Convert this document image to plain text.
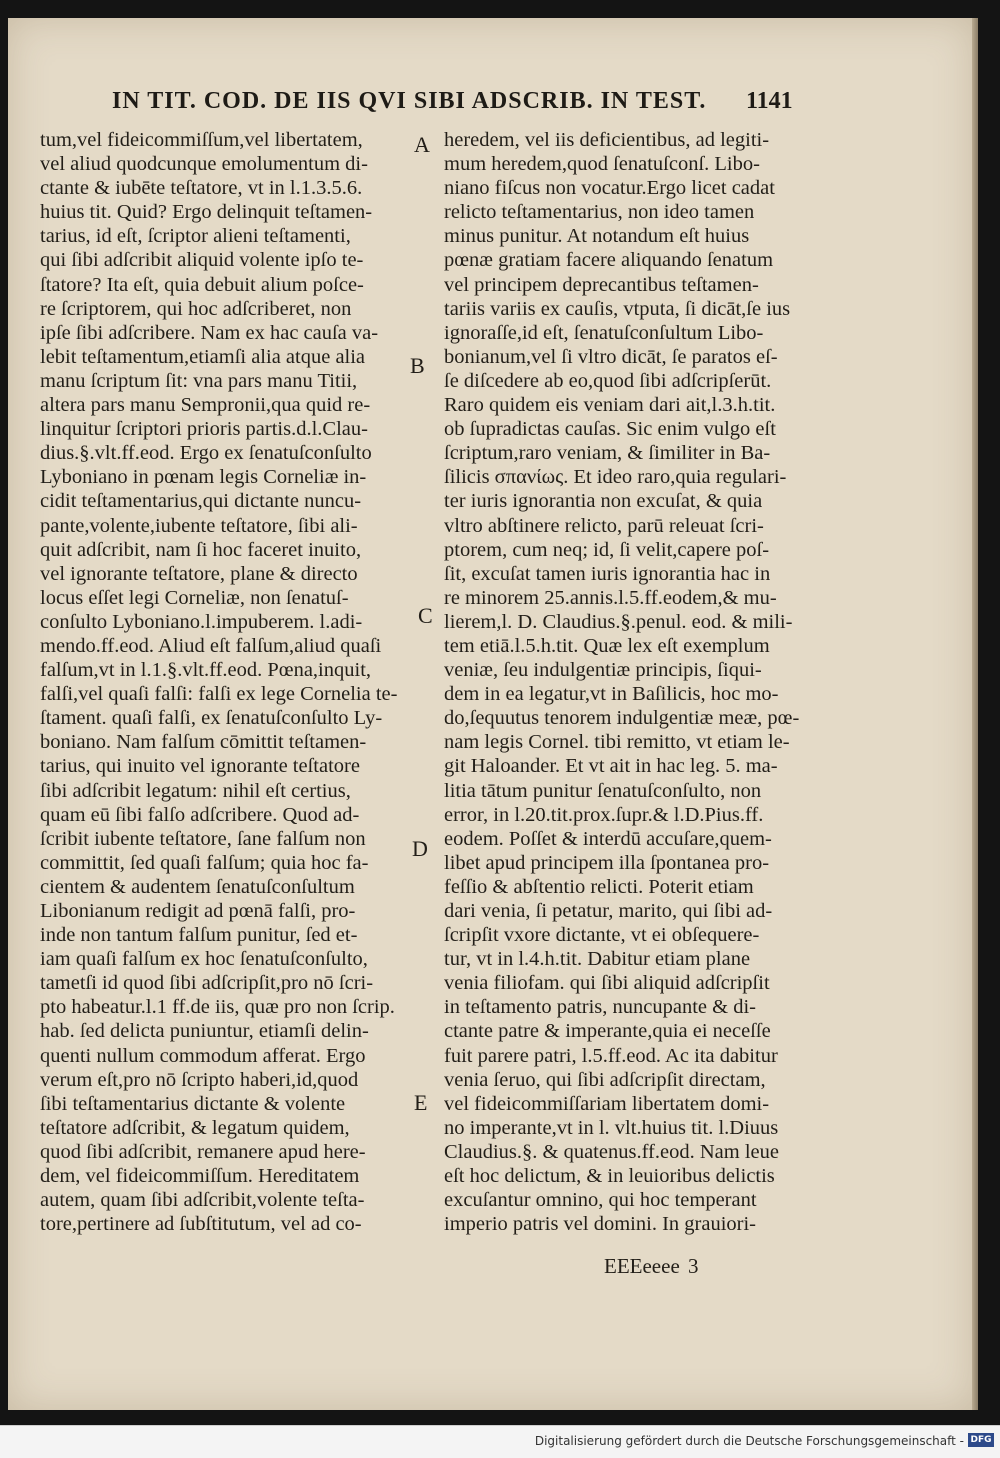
IN TIT. COD. DE IIS QVI SIBI ADSCRIB. IN TEST.	1141
tum,vel fideicommiſſum,vel libertatem,
vel aliud quodcunque emolumentum di-
ctante & iubēte teſtatore, vt in l.1.3.5.6.
huius tit. Quid? Ergo delinquit teſtamen-
tarius, id eſt, ſcriptor alieni teſtamenti,
qui ſibi adſcribit aliquid volente ipſo te-
ſtatore? Ita eſt, quia debuit alium poſce-
re ſcriptorem, qui hoc adſcriberet, non
ipſe ſibi adſcribere. Nam ex hac cauſa va-
lebit teſtamentum,etiamſi alia atque alia
manu ſcriptum ſit: vna pars manu Titii,
altera pars manu Sempronii,qua quid re-
linquitur ſcriptori prioris partis.d.l.Clau-
dius.§.vlt.ff.eod. Ergo ex ſenatuſconſulto
Lyboniano in pœnam legis Corneliæ in-
cidit teſtamentarius,qui dictante nuncu-
pante,volente,iubente teſtatore, ſibi ali-
quit adſcribit, nam ſi hoc faceret inuito,
vel ignorante teſtatore, plane & directo
locus eſſet legi Corneliæ, non ſenatuſ-
conſulto Lyboniano.l.impuberem. l.adi-
mendo.ff.eod. Aliud eſt falſum,aliud quaſi
falſum,vt in l.1.§.vlt.ff.eod. Pœna,inquit,
falſi,vel quaſi falſi: falſi ex lege Cornelia te-
ſtament. quaſi falſi, ex ſenatuſconſulto Ly-
boniano. Nam falſum cōmittit teſtamen-
tarius, qui inuito vel ignorante teſtatore
ſibi adſcribit legatum: nihil eſt certius,
quam eū ſibi falſo adſcribere. Quod ad-
ſcribit iubente teſtatore, ſane falſum non
committit, ſed quaſi falſum; quia hoc fa-
cientem & audentem ſenatuſconſultum
Libonianum redigit ad pœnā falſi, pro-
inde non tantum falſum punitur, ſed et-
iam quaſi falſum ex hoc ſenatuſconſulto,
tametſi id quod ſibi adſcripſit,pro nō ſcri-
pto habeatur.l.1 ff.de iis, quæ pro non ſcrip.
hab. ſed delicta puniuntur, etiamſi delin-
quenti nullum commodum afferat. Ergo
verum eſt,pro nō ſcripto haberi,id,quod
ſibi teſtamentarius dictante & volente
teſtatore adſcribit, & legatum quidem,
quod ſibi adſcribit, remanere apud here-
dem, vel fideicommiſſum. Hereditatem
autem, quam ſibi adſcribit,volente teſta-
tore,pertinere ad ſubſtitutum, vel ad co-
heredem, vel iis deficientibus, ad legiti-
mum heredem,quod ſenatuſconſ. Libo-
niano fiſcus non vocatur.Ergo licet cadat
relicto teſtamentarius, non ideo tamen
minus punitur. At notandum eſt huius
pœnæ gratiam facere aliquando ſenatum
vel principem deprecantibus teſtamen-
tariis variis ex cauſis, vtputa, ſi dicāt,ſe ius
ignoraſſe,id eſt, ſenatuſconſultum Libo-
bonianum,vel ſi vltro dicāt, ſe paratos eſ-
ſe diſcedere ab eo,quod ſibi adſcripſerūt.
Raro quidem eis veniam dari ait,l.3.h.tit.
ob ſupradictas cauſas. Sic enim vulgo eſt
ſcriptum,raro veniam, & ſimiliter in Ba-
ſilicis σπανίως. Et ideo raro,quia regulari-
ter iuris ignorantia non excuſat, & quia
vltro abſtinere relicto, parū releuat ſcri-
ptorem, cum neq; id, ſi velit,capere poſ-
ſit, excuſat tamen iuris ignorantia hac in
re minorem 25.annis.l.5.ff.eodem,& mu-
lierem,l. D. Claudius.§.penul. eod. & mili-
tem etiā.l.5.h.tit. Quæ lex eſt exemplum
veniæ, ſeu indulgentiæ principis, ſiqui-
dem in ea legatur,vt in Baſilicis, hoc mo-
do,ſequutus tenorem indulgentiæ meæ, pœ-
nam legis Cornel. tibi remitto, vt etiam le-
git Haloander. Et vt ait in hac leg. 5. ma-
litia tātum punitur ſenatuſconſulto, non
error, in l.20.tit.prox.ſupr.& l.D.Pius.ff.
eodem. Poſſet & interdū accuſare,quem-
libet apud principem illa ſpontanea pro-
feſſio & abſtentio relicti. Poterit etiam
dari venia, ſi petatur, marito, qui ſibi ad-
ſcripſit vxore dictante, vt ei obſequere-
tur, vt in l.4.h.tit. Dabitur etiam plane
venia filiofam. qui ſibi aliquid adſcripſit
in teſtamento patris, nuncupante & di-
ctante patre & imperante,quia ei neceſſe
fuit parere patri, l.5.ff.eod. Ac ita dabitur
venia ſeruo, qui ſibi adſcripſit directam,
vel fideicommiſſariam libertatem domi-
no imperante,vt in l. vlt.huius tit. l.Diuus
Claudius.§. & quatenus.ff.eod. Nam leue
eſt hoc delictum, & in leuioribus delictis
excuſantur omnino, qui hoc temperant
imperio patris vel domini. In grauiori-
A
B
C
D
E
EEEeeee 3
Digitalisierung gefördert durch die Deutsche Forschungsgemeinschaft - DFG
